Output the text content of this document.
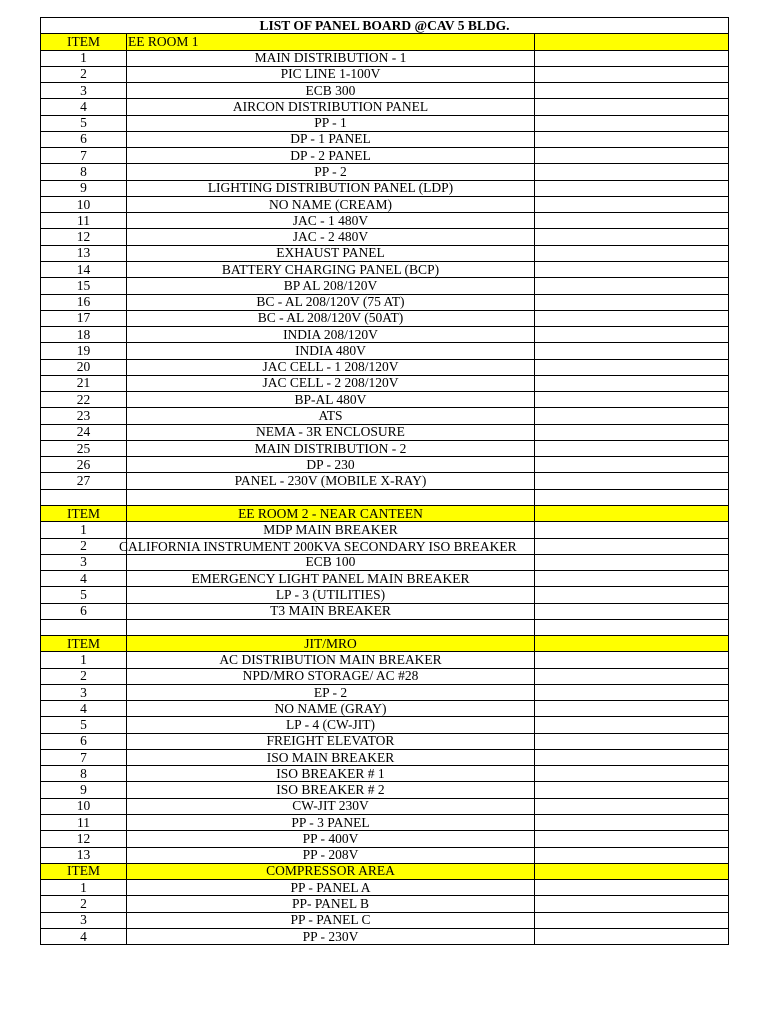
LIST OF PANEL BOARD @CAV 5 BLDG.		
ITEM	EE ROOM 1	
1	MAIN DISTRIBUTION - 1	
2	PIC LINE 1-100V	
3	ECB 300	
4	AIRCON DISTRIBUTION PANEL	
5	PP - 1	
6	DP - 1 PANEL	
7	DP - 2 PANEL	
8	PP - 2	
9	LIGHTING DISTRIBUTION PANEL (LDP)	
10	NO NAME (CREAM)	
11	JAC - 1 480V	
12	JAC - 2 480V	
13	EXHAUST PANEL	
14	BATTERY CHARGING PANEL (BCP)	
15	BP AL 208/120V	
16	BC - AL 208/120V (75 AT)	
17	BC - AL 208/120V (50AT)	
18	INDIA 208/120V	
19	INDIA 480V	
20	JAC CELL - 1 208/120V	
21	JAC CELL - 2 208/120V	
22	BP-AL 480V	
23	ATS	
24	NEMA - 3R ENCLOSURE	
25	MAIN DISTRIBUTION - 2	
26	DP - 230	
27	PANEL - 230V (MOBILE X-RAY)	

ITEM	EE ROOM 2 - NEAR CANTEEN	
1	MDP MAIN BREAKER	
2	CALIFORNIA INSTRUMENT 200KVA SECONDARY ISO BREAKER	

3	ECB 100	
4	EMERGENCY LIGHT PANEL MAIN BREAKER	
5	LP - 3 (UTILITIES)	
6	T3 MAIN BREAKER	

ITEM	JIT/MRO	
1	AC DISTRIBUTION MAIN BREAKER	
2	NPD/MRO STORAGE/ AC #28	
3	EP - 2	
4	NO NAME (GRAY)	
5	LP - 4 (CW-JIT)	
6	FREIGHT ELEVATOR	
7	ISO MAIN BREAKER	
8	ISO BREAKER # 1	
9	ISO BREAKER # 2	
10	CW-JIT 230V	
11	PP - 3 PANEL	
12	PP - 400V	
13	PP - 208V	
ITEM	COMPRESSOR AREA	
1	PP - PANEL A	
2	PP- PANEL B	
3	PP - PANEL C	
4	PP - 230V	
